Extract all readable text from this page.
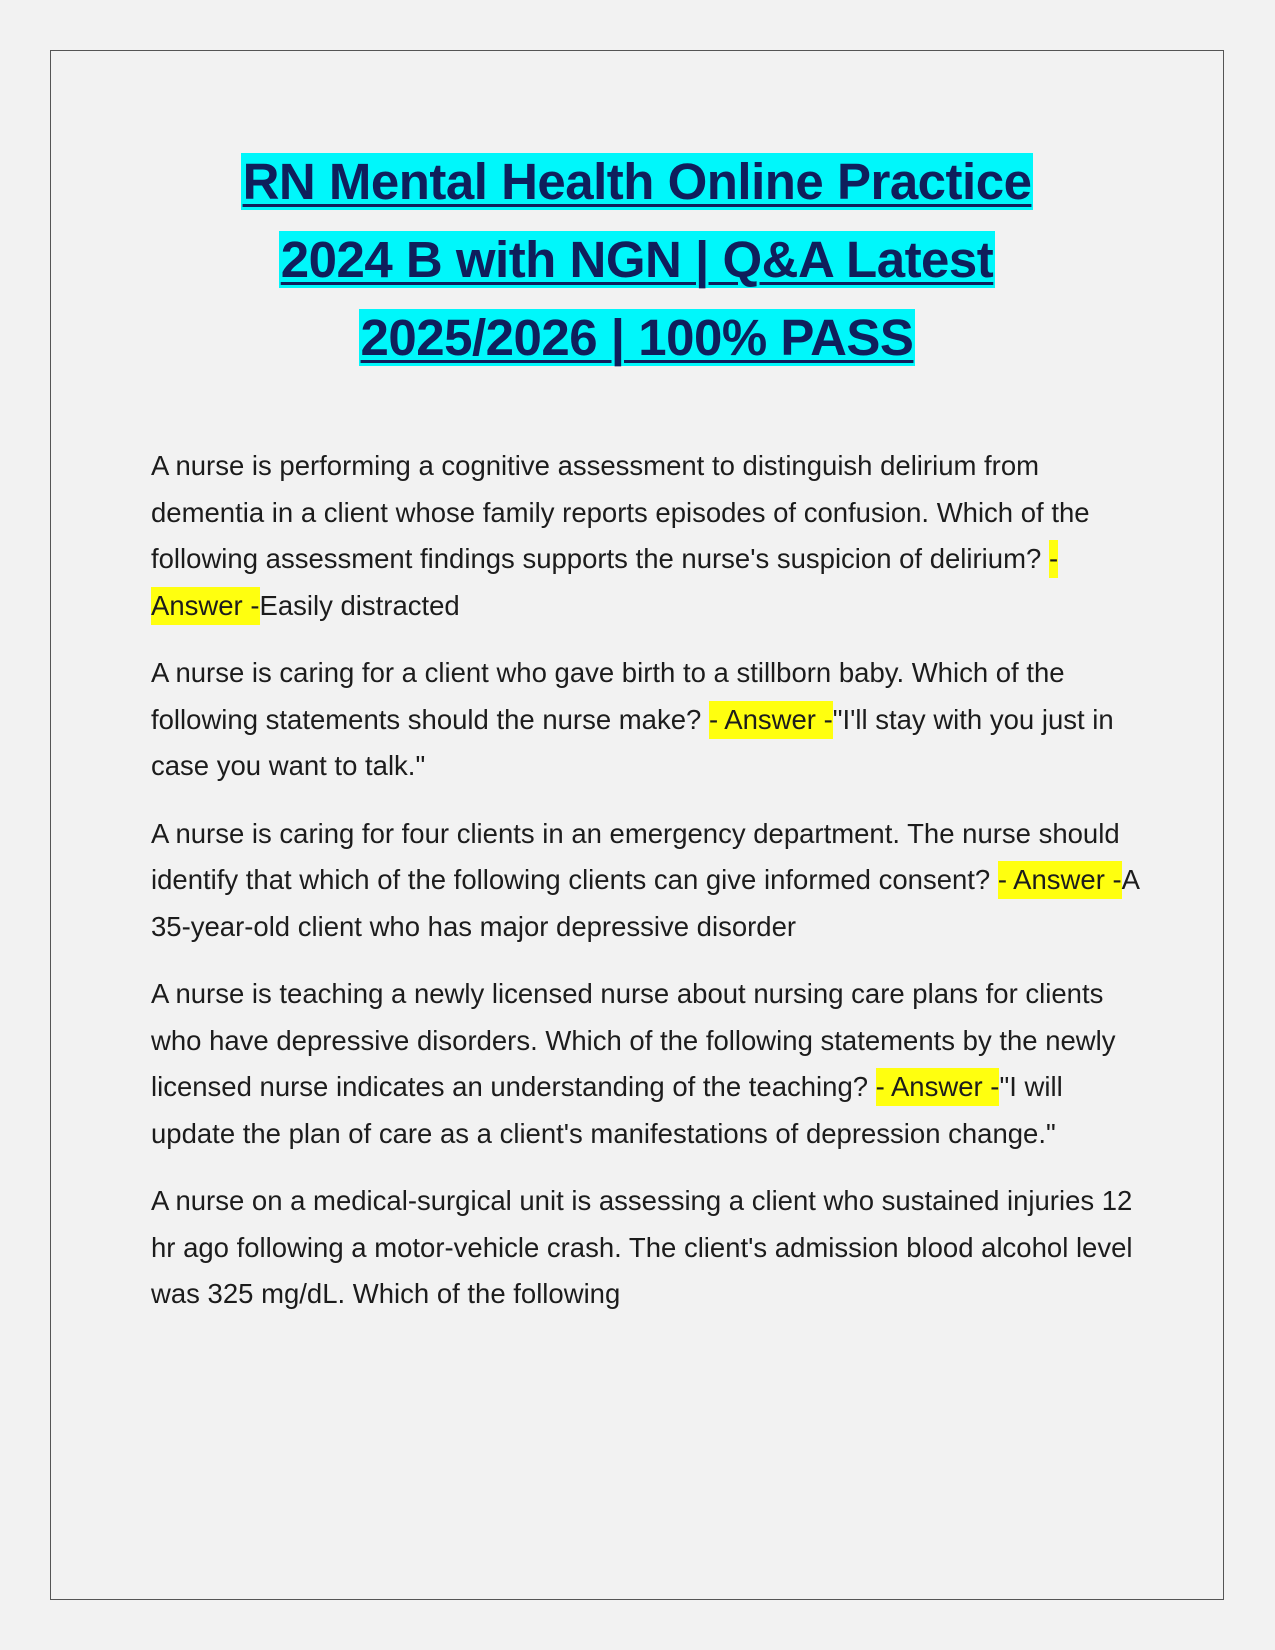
RN Mental Health Online Practice
2024 B with NGN | Q&A Latest
2025/2026 | 100% PASS

A nurse is performing a cognitive assessment to distinguish delirium from dementia in a client whose family reports episodes of confusion. Which of the following assessment findings supports the nurse's suspicion of delirium? - Answer -Easily distracted

A nurse is caring for a client who gave birth to a stillborn baby. Which of the following statements should the nurse make? - Answer -"I'll stay with you just in case you want to talk."

A nurse is caring for four clients in an emergency department. The nurse should identify that which of the following clients can give informed consent? - Answer -A 35-year-old client who has major depressive disorder

A nurse is teaching a newly licensed nurse about nursing care plans for clients who have depressive disorders. Which of the following statements by the newly licensed nurse indicates an understanding of the teaching? - Answer -"I will update the plan of care as a client's manifestations of depression change."

A nurse on a medical-surgical unit is assessing a client who sustained injuries 12 hr ago following a motor-vehicle crash. The client's admission blood alcohol level was 325 mg/dL. Which of the following
